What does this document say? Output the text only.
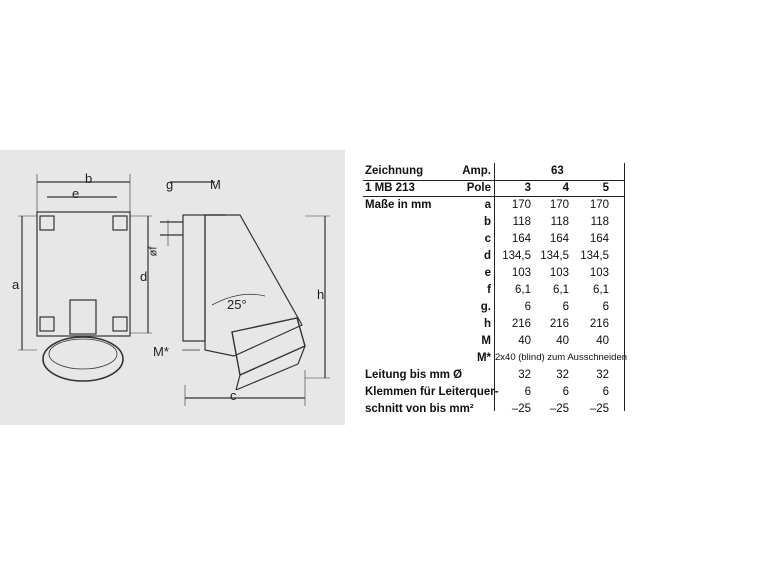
b
e
a
d
g	M
øf
25°
h
c
M*
Zeichnung	Amp.	63
1 MB 213	Pole	3	4	5
Maße in mm	a	170	170	170
b	118	118	118
c	164	164	164
d 134,5 134,5 134,5
e	103	103	103
f	6,1	6,1	6,1
g.	6	6	6
h	216	216	216
M	40	40	40
M* 2x40 (blind) zum Ausschneiden
Leitung bis mm Ø	32	32	32
Klemmen für Leiterquer-	6	6	6
schnitt von bis mm²	–25	–25	–25
